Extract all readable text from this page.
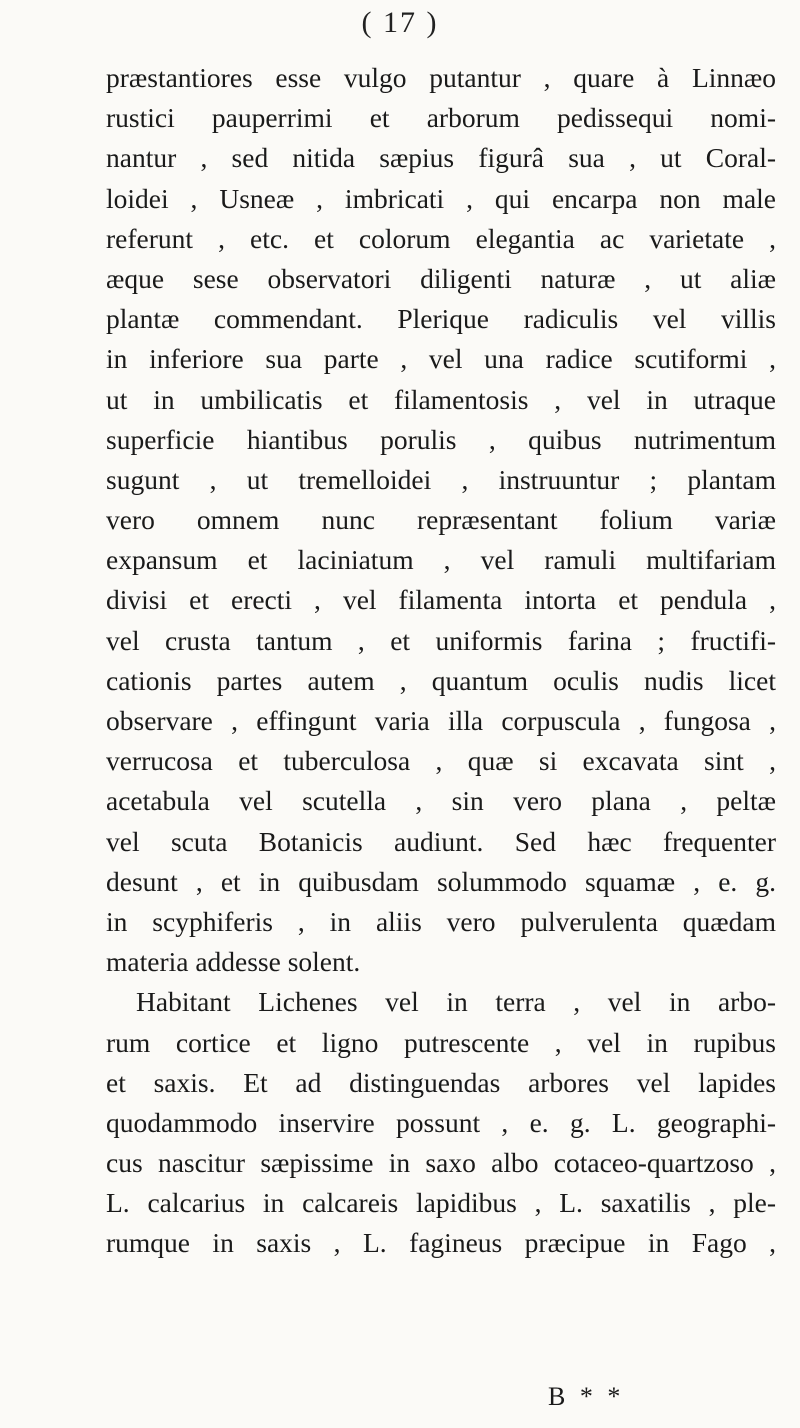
( 17 )
præstantiores esse vulgo putantur , quare à Linnæo
rustici pauperrimi et arborum pedissequi nomi-
nantur , sed nitida sæpius figurâ sua , ut Coral-
loidei , Usneæ , imbricati , qui encarpa non male
referunt , etc. et colorum elegantia ac varietate ,
æque sese observatori diligenti naturæ , ut aliæ
plantæ commendant. Plerique radiculis vel villis
in inferiore sua parte , vel una radice scutiformi ,
ut in umbilicatis et filamentosis , vel in utraque
superficie hiantibus porulis , quibus nutrimentum
sugunt , ut tremelloidei , instruuntur ; plantam
vero omnem nunc repræsentant folium variæ
expansum et laciniatum , vel ramuli multifariam
divisi et erecti , vel filamenta intorta et pendula ,
vel crusta tantum , et uniformis farina ; fructifi-
cationis partes autem , quantum oculis nudis licet
observare , effingunt varia illa corpuscula , fungosa ,
verrucosa et tuberculosa , quæ si excavata sint ,
acetabula vel scutella , sin vero plana , peltæ
vel scuta Botanicis audiunt. Sed hæc frequenter
desunt , et in quibusdam solummodo squamæ , e. g.
in scyphiferis , in aliis vero pulverulenta quædam
materia addesse solent.
Habitant Lichenes vel in terra , vel in arbo-
rum cortice et ligno putrescente , vel in rupibus
et saxis. Et ad distinguendas arbores vel lapides
quodammodo inservire possunt , e. g. L. geographi-
cus nascitur sæpissime in saxo albo cotaceo-quartzoso ,
L. calcarius in calcareis lapidibus , L. saxatilis , ple-
rumque in saxis , L. fagineus præcipue in Fago ,
B * *
